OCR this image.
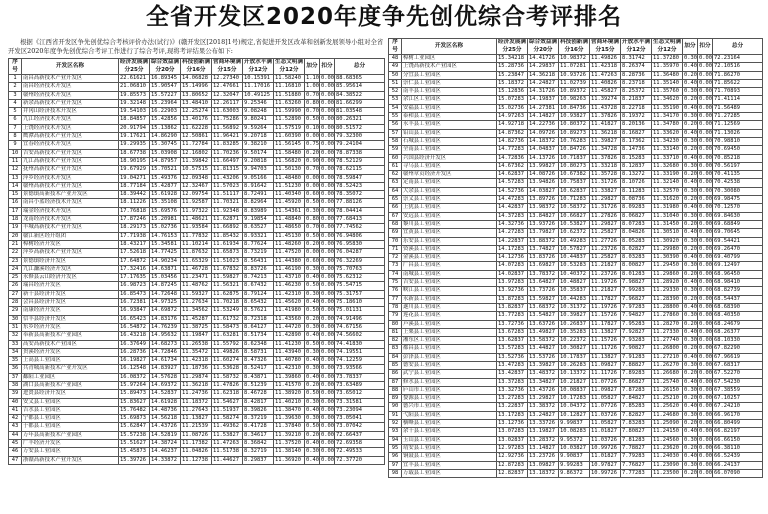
全省开发区2020年度争先创优综合考评排名
根据《江西省开发区争先创优综合考核评价办法(试行)》(赣开发区[2018]1号)规定,省促进开发区改革和创新发展领导小组对全省开发区2020年度争先创优综合考评工作进行了综合考评,现将考评结果公布如下:
序号	开发区名称	经济发展满分25分	综合效益满分20分	科技创新满分16分	营商环境满分15分	开放水平满分12分	生态文明满分12分	加分	扣分	总分
1	南昌高新技术产业开发区	22.61621	16.89345	14.06828	12.27340	10.15391	11.58240	1.10	0.00	88.68365
2	南昌经济技术开发区	21.06810	15.90547	15.14996	12.47661	11.17016	11.16810	1.00	0.00	85.95614
3	赣州经济技术开发区	19.85573	15.57227	13.80652	12.32047	10.49125	11.51880	0.70	0.00	84.38522
4	新余高新技术产业开发区	19.32148	15.23964	13.48410	12.26117	9.25346	11.63260	0.80	0.00	81.66299
5	井冈山经济技术开发区	19.54103	16.22903	12.25274	11.63003	9.08248	11.59990	0.70	0.00	81.03548
6	九江经济技术开发区	18.84857	15.42856	13.40176	11.75286	9.80241	11.52890	0.50	0.00	80.26321
7	上饶经济技术开发区	20.91794	15.13862	11.62228	11.56892	9.59264	11.57519	0.10	0.00	80.51572
8	鹰潭高新技术产业开发区	19.17621	14.86290	12.50861	11.96421	9.20718	11.60390	0.00	0.00	79.32300
9	宜春经济技术开发区	19.29935	15.30745	11.72784	11.83285	9.38210	11.56145	0.75	0.00	79.24104
10	吉安高新技术产业开发区	18.67738	15.03908	12.16802	11.70236	9.50174	11.58480	0.20	0.00	78.87338
11	九江高新技术产业开发区	18.90195	14.87957	11.39842	11.66497	9.20818	11.56820	0.90	0.00	78.52129
12	抚州高新技术产业开发区	19.67929	15.70521	10.57515	11.81315	9.94703	11.50130	0.70	0.00	78.62115
13	萍乡经济技术开发区	19.04271	15.49376	12.09348	11.43206	9.05166	11.48480	0.00	0.00	78.59847
14	赣州高新技术产业开发区	18.77184	15.42877	12.32467	11.57023	8.91642	11.51230	0.00	0.00	78.52423
15	景德镇高新技术产业开发区	18.39442	15.61928	12.09754	11.51117	8.72491	11.40340	0.60	0.00	78.35072
16	南昌小蓝经济技术开发区	18.11226	15.35108	11.92587	11.70321	8.82964	11.45920	0.50	0.00	77.88126
17	瑞金经济技术开发区	17.76818	15.69576	11.97322	11.92348	8.83989	11.54361	0.30	0.00	78.04414
18	龙南经济技术开发区	17.87246	15.20981	11.48621	11.62871	9.19854	11.48840	0.80	0.00	77.68413
19	丰城高新技术产业开发区	18.29173	15.02736	11.93584	11.66892	8.63527	11.48650	0.70	0.00	77.74562
20	赣江新区经开组团	17.71938	14.76153	11.77832	11.85432	8.93321	11.45130	0.50	0.00	76.94806
21	樟树经济开发区	18.43217	15.34581	11.10214	11.61934	8.77624	11.48260	0.20	0.00	76.95830
22	萍乡高新技术产业开发区	17.52618	14.77425	11.87632	11.65873	8.73219	11.47520	0.00	0.00	76.04287
23	景德镇经济开发区	17.64872	14.90234	11.65329	11.51023	8.56431	11.44380	0.60	0.00	76.32269
24	九江濂溪经济开发区	17.32416	14.63871	11.46728	11.67832	8.83726	11.46190	0.30	0.00	75.70763
25	永修县云山经济开发区	17.17635	15.03456	11.23471	11.59827	8.74213	11.43710	0.40	0.00	75.62312
26	瑞昌经济开发区	16.98723	14.87245	11.48762	11.56321	8.67432	11.46230	0.50	0.00	75.54715
27	新干县经济开发区	16.85473	14.72648	11.59327	11.62875	8.79124	11.42310	0.30	0.00	75.31757
28	会昌县经济开发区	16.72381	14.97325	11.27634	11.70218	8.65432	11.45620	0.40	0.00	75.18610
29	南康经济开发区	16.93847	14.69872	11.34562	11.53249	8.57621	11.41980	0.50	0.00	75.01131
30	信丰县经济开发区	16.65423	14.83176	11.45287	11.61732	8.72318	11.43560	0.20	0.00	74.91496
31	东乡经济开发区	16.54872	14.76239	11.38725	11.58473	8.64127	11.44720	0.30	0.00	74.67156
32	奉新县高新技术产业园区	16.43218	14.95632	11.19847	11.63281	8.51734	11.42890	0.40	0.00	74.56602
33	高安高新技术产业园区	16.37649	14.68273	11.26538	11.55792	8.62348	11.41230	0.50	0.00	74.41830
34	贵溪经济开发区	16.28736	14.72846	11.35472	11.49826	8.58731	11.43940	0.30	0.00	74.19551
35	上高县工业园区	16.19827	14.61734	11.42318	11.60274	8.47326	11.40780	0.40	0.00	74.12259
36	共青城高新技术产业开发区	16.12548	14.83927	11.18736	11.53628	8.52417	11.42310	0.30	0.00	73.93566
37	鄱阳工业园区	16.08372	14.57628	11.29874	11.58732	8.43871	11.39860	0.40	0.00	73.78337
38	湖口县高新技术产业园区	15.97264	14.69372	11.36218	11.47826	8.51239	11.41570	0.20	0.00	73.63489
39	进贤县经济开发区	15.89473	14.52837	11.24736	11.62318	8.46728	11.38920	0.50	0.00	73.65012
40	安义县工业园区	15.83627	14.61928	11.18372	11.54627	8.42817	11.40210	0.30	0.00	73.31581
41	吉水县工业园区	15.76482	14.48736	11.27643	11.51937	8.39826	11.38470	0.40	0.00	73.23094
42	宁都县工业园区	15.69873	14.56218	11.13827	11.58274	8.37219	11.39630	0.30	0.00	73.05041
43	于都县工业园区	15.62847	14.43726	11.21539	11.49362	8.41728	11.37840	0.50	0.00	73.07042
44	万年县高新技术产业园区	15.57238	14.52819	11.08726	11.53827	8.34617	11.39210	0.20	0.00	72.66437
45	广丰经济开发区	15.51627	14.38724	11.17382	11.47263	8.36842	11.37520	0.40	0.00	72.69358
46	万安县工业园区	15.45873	14.46237	11.04826	11.51738	8.32719	11.38140	0.30	0.00	72.49533
47	浙赣高新技术产业开发区	15.39726	14.33872	11.12738	11.44627	8.29837	11.36920	0.40	0.00	72.37720
序号	开发区名称	经济发展满分25分	综合效益满分20分	科技创新满分16分	营商环境满分15分	开放水平满分12分	生态文明满分12分	加分	扣分	总分
48	樟树工业园区	15.34218	14.41726	10.98372	11.49826	8.31742	11.37280	0.30	0.00	72.23164
49	上饶高新技术产业园区	15.28736	14.29837	11.07281	11.42318	8.26374	11.35970	0.40	0.00	72.10516
50	分宜县工业园区	15.23847	14.36218	10.93726	11.47263	8.28736	11.36480	0.20	0.00	71.86270
51	崇仁县工业园区	15.18372	14.24827	11.02739	11.40826	8.23718	11.35140	0.40	0.00	71.85622
52	南丰县工业园区	15.12836	14.31726	10.89372	11.45827	8.25372	11.35760	0.30	0.00	71.70893
53	余江区工业园区	15.07283	14.19837	10.98263	11.39274	8.21837	11.34620	0.20	0.00	71.41114
54	安福县工业园区	15.02736	14.27381	10.84736	11.43728	8.22718	11.35190	0.40	0.00	71.56489
55	泰和县工业园区	14.97263	14.14827	10.93827	11.37826	8.19372	11.34170	0.30	0.00	71.27285
56	永丰县工业园区	14.92718	14.22736	10.80372	11.41827	8.20136	11.34780	0.20	0.00	71.12569
57	铅山县工业园区	14.87362	14.09726	10.89273	11.36218	8.16827	11.33620	0.40	0.00	71.13026
58	石城县工业园区	14.82736	14.18372	10.76283	11.39827	8.17362	11.34230	0.30	0.00	70.98810
59	全南县工业园区	14.77283	14.04837	10.84726	11.34728	8.14736	11.33140	0.20	0.00	70.69450
60	兴国县经济开发区	14.72836	14.13726	10.71837	11.37826	8.15283	11.33710	0.40	0.00	70.85218
61	寻乌县工业园区	14.67362	13.99827	10.80273	11.33218	8.12837	11.32680	0.30	0.00	70.56197
62	赣州章贡经济开发区	14.62837	14.08726	10.67382	11.35728	8.13272	11.33190	0.20	0.00	70.41135
63	定南县工业园区	14.57283	13.94826	10.75837	11.31726	8.10726	11.32140	0.40	0.00	70.42538
64	大余县工业园区	14.52736	14.03827	10.62837	11.33827	8.11283	11.32570	0.30	0.00	70.30080
65	崇义县工业园区	14.47283	13.89726	10.71283	11.29827	8.08736	11.31620	0.20	0.00	69.98475
66	上犹县工业园区	14.42837	13.98372	10.58372	11.31726	8.09283	11.31980	0.40	0.00	70.12570
67	安远县工业园区	14.37283	13.84827	10.66827	11.27826	8.06827	11.31040	0.30	0.00	69.84630
68	黎川县工业园区	14.32736	13.93726	10.53827	11.29827	8.07283	11.31450	0.20	0.00	69.68849
69	宜黄县工业园区	14.27283	13.79827	10.62372	11.25827	8.04826	11.30510	0.40	0.00	69.70645
70	乐安县工业园区	14.22837	13.88372	10.49283	11.27726	8.05283	11.30920	0.30	0.00	69.54421
71	资溪县工业园区	14.17283	13.74827	10.57827	11.23726	8.02827	11.29980	0.20	0.00	69.26470
72	金溪县工业园区	14.12736	13.83726	10.44837	11.25827	8.03283	11.30390	0.40	0.00	69.40799
73	广昌县工业园区	14.07283	13.69827	10.53283	11.21827	8.00827	11.29450	0.30	0.00	69.12497
74	南城县工业园区	14.02837	13.78372	10.40372	11.23726	8.01283	11.29860	0.20	0.00	68.96450
75	吉安县工业园区	13.97283	13.64827	10.48827	11.19726	7.98827	11.28920	0.40	0.00	68.98410
76	峡江县工业园区	13.92736	13.73726	10.35837	11.21827	7.99283	11.29330	0.30	0.00	68.82739
77	永新县工业园区	13.87283	13.59827	10.44283	11.17827	7.96827	11.28390	0.20	0.00	68.54437
78	遂川县工业园区	13.82837	13.68372	10.31372	11.19726	7.97283	11.28800	0.40	0.00	68.68390
79	莲花县工业园区	13.77283	13.54827	10.39827	11.15726	7.94827	11.27860	0.30	0.00	68.40350
80	芦溪县工业园区	13.72736	13.63726	10.26837	11.17827	7.95283	11.28270	0.20	0.00	68.24679
81	上栗县工业园区	13.67283	13.49827	10.35283	11.13827	7.92827	11.27330	0.40	0.00	68.26377
82	湘东区工业园区	13.62837	13.58372	10.22372	11.15726	7.93283	11.27740	0.30	0.00	68.10330
83	都昌县工业园区	13.57283	13.44827	10.30827	11.11726	7.90827	11.26800	0.20	0.00	67.82290
84	彭泽县工业园区	13.52736	13.53726	10.17837	11.13827	7.91283	11.27210	0.40	0.00	67.96619
85	德安县工业园区	13.47283	13.39827	10.26283	11.09827	7.88827	11.26270	0.30	0.00	67.68317
86	武宁县工业园区	13.42837	13.48372	10.13372	11.11726	7.89283	11.26680	0.20	0.00	67.52270
87	修水县工业园区	13.37283	13.34827	10.21827	11.07726	7.86827	11.25740	0.40	0.00	67.54230
88	庐山市工业园区	13.32736	13.43726	10.08837	11.09827	7.87283	11.26150	0.30	0.00	67.38559
89	婺源县工业园区	13.27283	13.29827	10.17283	11.05827	7.84827	11.25210	0.20	0.00	67.10257
90	德兴市工业园区	13.22837	13.38372	10.04372	11.07726	7.85283	11.25620	0.40	0.00	67.24210
91	弋阳县工业园区	13.17283	13.24827	10.12827	11.03726	7.82827	11.24680	0.30	0.00	66.96170
92	横峰县工业园区	13.12736	13.33726	9.99837	11.05827	7.83283	11.25090	0.20	0.00	66.80499
93	余干县工业园区	13.07283	13.19827	10.08283	11.01827	7.80827	11.24150	0.40	0.00	66.82197
94	玉山县工业园区	13.02837	13.28372	9.95372	11.03726	7.81283	11.24560	0.30	0.00	66.66150
95	靖安县工业园区	12.97283	13.14827	10.03827	10.99726	7.78827	11.23620	0.20	0.00	66.38110
96	铜鼓县工业园区	12.92736	13.23726	9.90837	11.01827	7.79283	11.24030	0.40	0.00	66.52439
97	宜丰县工业园区	12.87283	13.09827	9.99283	10.97827	7.76827	11.23090	0.30	0.00	66.24137
98	万载县工业园区	12.82837	13.18372	9.86372	10.99726	7.77283	11.23500	0.20	0.00	66.07090
